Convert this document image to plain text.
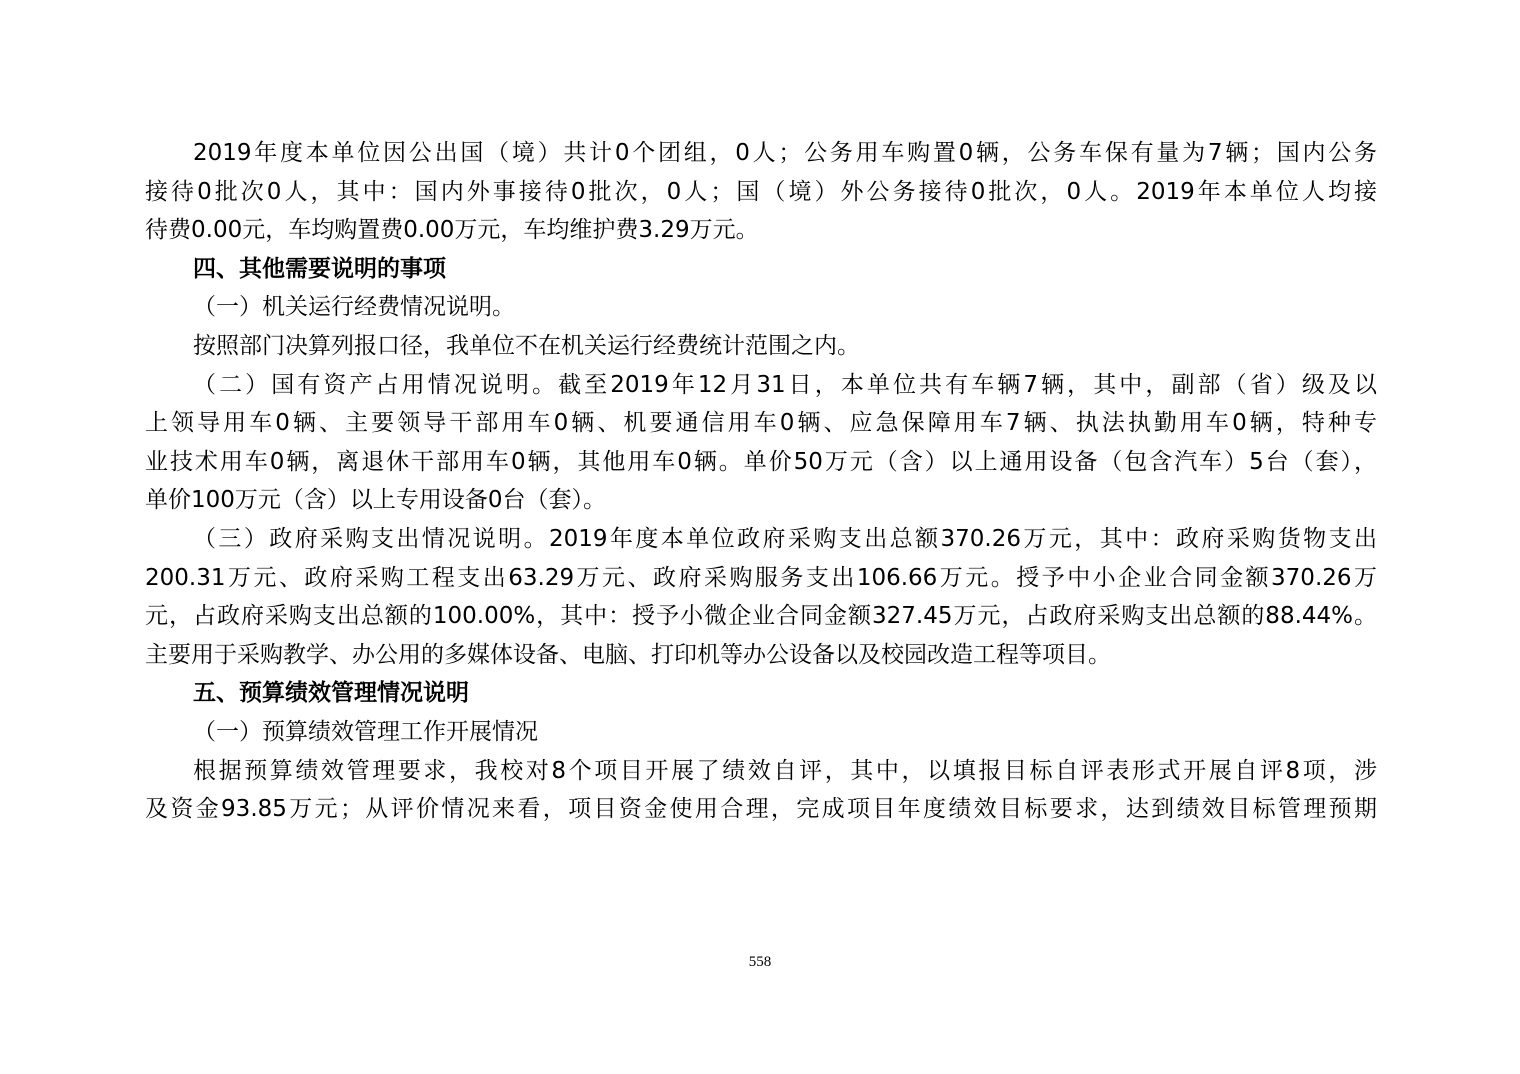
2019年度本单位因公出国（境）共计0个团组，0人；公务用车购置0辆，公务车保有量为7辆；国内公务
接待0批次0人，其中：国内外事接待0批次，0人；国（境）外公务接待0批次，0人。2019年本单位人均接
待费0.00元，车均购置费0.00万元，车均维护费3.29万元。
四、其他需要说明的事项
（一）机关运行经费情况说明。
按照部门决算列报口径，我单位不在机关运行经费统计范围之内。
（二）国有资产占用情况说明。截至2019年12月31日，本单位共有车辆7辆，其中，副部（省）级及以
上领导用车0辆、主要领导干部用车0辆、机要通信用车0辆、应急保障用车7辆、执法执勤用车0辆，特种专
业技术用车0辆，离退休干部用车0辆，其他用车0辆。单价50万元（含）以上通用设备（包含汽车）5台（套），
单价100万元（含）以上专用设备0台（套）。
（三）政府采购支出情况说明。2019年度本单位政府采购支出总额370.26万元，其中：政府采购货物支出
200.31万元、政府采购工程支出63.29万元、政府采购服务支出106.66万元。授予中小企业合同金额370.26万
元，占政府采购支出总额的100.00%，其中：授予小微企业合同金额327.45万元，占政府采购支出总额的88.44%。
主要用于采购教学、办公用的多媒体设备、电脑、打印机等办公设备以及校园改造工程等项目。
五、预算绩效管理情况说明
（一）预算绩效管理工作开展情况
根据预算绩效管理要求，我校对8个项目开展了绩效自评，其中，以填报目标自评表形式开展自评8项，涉
及资金93.85万元；从评价情况来看，项目资金使用合理，完成项目年度绩效目标要求，达到绩效目标管理预期
558
